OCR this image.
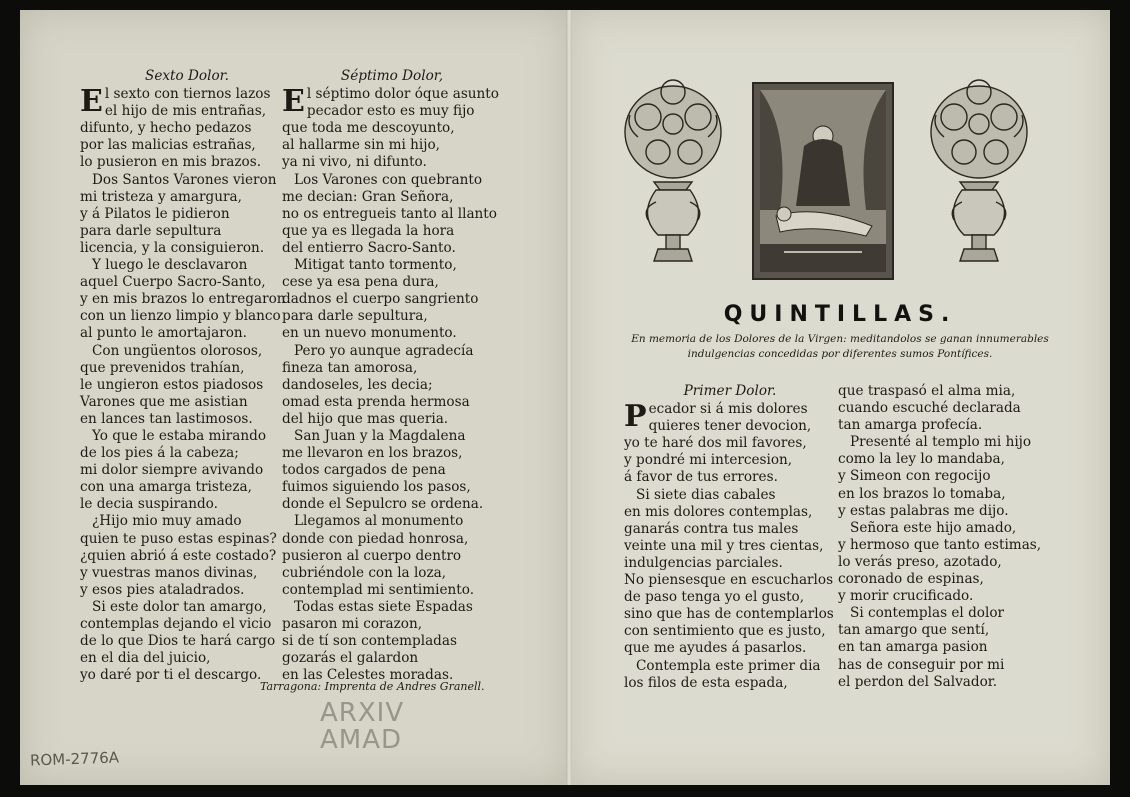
Sexto Dolor.
E l sexto con tiernos lazos
el hijo de mis entrañas,
difunto, y hecho pedazos
por las malicias estrañas,
lo pusieron en mis brazos.
Dos Santos Varones vieron
mi tristeza y amargura,
y á Pilatos le pidieron
para darle sepultura
licencia, y la consiguieron.
Y luego le desclavaron
aquel Cuerpo Sacro-Santo,
y en mis brazos lo entregaron
con un lienzo limpio y blanco
al punto le amortajaron.
Con ungüentos olorosos,
que prevenidos trahían,
le ungieron estos piadosos
Varones que me asistian
en lances tan lastimosos.
Yo que le estaba mirando
de los pies á la cabeza;
mi dolor siempre avivando
con una amarga tristeza,
le decia suspirando.
¿Hijo mio muy amado
quien te puso estas espinas?
¿quien abrió á este costado?
y vuestras manos divinas,
y esos pies ataladrados.
Si este dolor tan amargo,
contemplas dejando el vicio
de lo que Dios te hará cargo
en el dia del juicio,
yo daré por ti el descargo.
Séptimo Dolor,
E l séptimo dolor óque asunto
pecador esto es muy fijo
que toda me descoyunto,
al hallarme sin mi hijo,
ya ni vivo, ni difunto.
Los Varones con quebranto
me decian: Gran Señora,
no os entregueis tanto al llanto
que ya es llegada la hora
del entierro Sacro-Santo.
Mitigat tanto tormento,
cese ya esa pena dura,
dadnos el cuerpo sangriento
para darle sepultura,
en un nuevo monumento.
Pero yo aunque agradecía
fineza tan amorosa,
dandoseles, les decia;
omad esta prenda hermosa
del hijo que mas queria.
San Juan y la Magdalena
me llevaron en los brazos,
todos cargados de pena
fuimos siguiendo los pasos,
donde el Sepulcro se ordena.
Llegamos al monumento
donde con piedad honrosa,
pusieron al cuerpo dentro
cubriéndole con la loza,
contemplad mi sentimiento.
Todas estas siete Espadas
pasaron mi corazon,
si de tí son contempladas
gozarás el galardon
en las Celestes moradas.
Tarragona: Imprenta de Andres Granell.
ARXIV
AMAD
ROM-2776A
QUINTILLAS.
En memoria de los Dolores de la Virgen: meditandolos se ganan innumerables indulgencias concedidas por diferentes sumos Pontífices.
Primer Dolor.
P ecador si á mis dolores
quieres tener devocion,
yo te haré dos mil favores,
y pondré mi intercesion,
á favor de tus errores.
Si siete dias cabales
en mis dolores contemplas,
ganarás contra tus males
veinte una mil y tres cientas,
indulgencias parciales.
No piensesque en escucharlos
de paso tenga yo el gusto,
sino que has de contemplarlos
con sentimiento que es justo,
que me ayudes á pasarlos.
Contempla este primer dia
los filos de esta espada,
que traspasó el alma mia,
cuando escuché declarada
tan amarga profecía.
Presenté al templo mi hijo
como la ley lo mandaba,
y Simeon con regocijo
en los brazos lo tomaba,
y estas palabras me dijo.
Señora este hijo amado,
y hermoso que tanto estimas,
lo verás preso, azotado,
coronado de espinas,
y morir crucificado.
Si contemplas el dolor
tan amargo que sentí,
en tan amarga pasion
has de conseguir por mi
el perdon del Salvador.
